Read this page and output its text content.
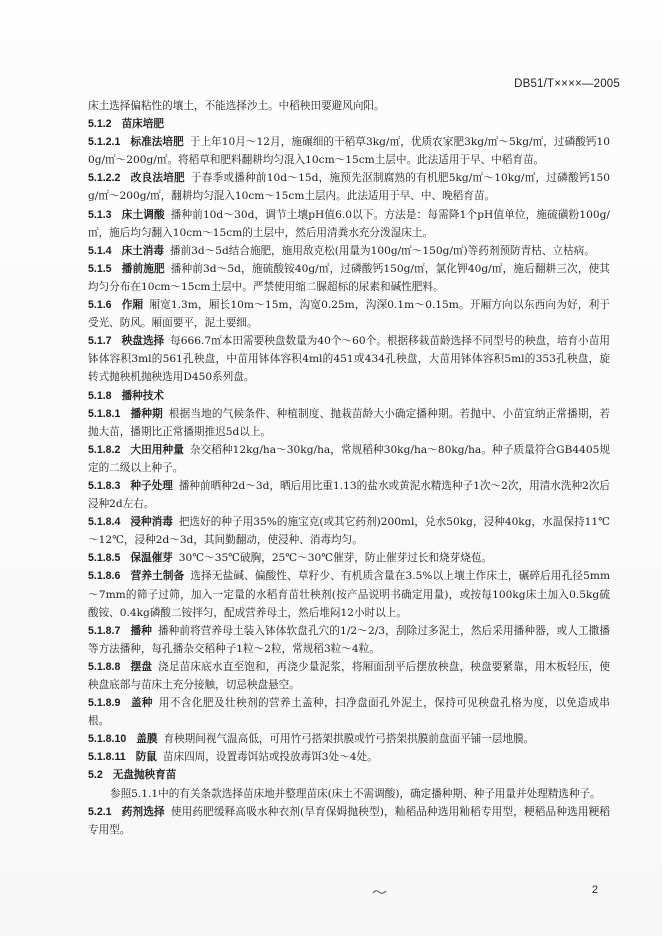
DB51/T××××—2005

床土选择偏粘性的壤土，不能选择沙土。中稻秧田要避风向阳。

5.1.2 苗床培肥

5.1.2.1 标准法培肥 于上年10月～12月，施碾细的干稻草3kg/㎡，优质农家肥3kg/㎡～5kg/㎡，过磷酸钙100g/㎡～200g/㎡。将稻草和肥料翻耕均匀混入10cm～15cm土层中。此法适用于早、中稻育苗。

5.1.2.2 改良法培肥 于春季或播种前10d～15d，施预先沤制腐熟的有机肥5kg/㎡～10kg/㎡，过磷酸钙150g/㎡～200g/㎡，翻耕均匀混入10cm～15cm土层内。此法适用于早、中、晚稻育苗。

5.1.3 床土调酸 播种前10d～30d，调节土壤pH值6.0以下。方法是：每需降1个pH值单位，施硫磺粉100g/㎡，施后均匀翻入10cm～15cm的土层中，然后用清粪水充分泼湿床土。

5.1.4 床土消毒 播前3d～5d结合施肥，施用敌克松(用量为100g/㎡～150g/㎡)等药剂预防青枯、立枯病。

5.1.5 播前施肥 播种前3d～5d，施硫酸铵40g/㎡，过磷酸钙150g/㎡，氯化钾40g/㎡，施后翻耕三次，使其均匀分布在10cm～15cm土层中。严禁使用缩二脲超标的尿素和碱性肥料。

5.1.6 作厢 厢宽1.3m，厢长10m～15m，沟宽0.25m，沟深0.1m～0.15m。开厢方向以东西向为好，利于受光、防风。厢面要平，泥土要细。

5.1.7 秧盘选择 每666.7㎡本田需要秧盘数量为40个～60个。根据移栽苗龄选择不同型号的秧盘，培育小苗用钵体容积3ml的561孔秧盘，中苗用钵体容积4ml的451或434孔秧盘，大苗用钵体容积5ml的353孔秧盘，旋转式抛秧机抛秧选用D450系列盘。

5.1.8 播种技术

5.1.8.1 播种期 根据当地的气候条件、种植制度、抛栽苗龄大小确定播种期。若抛中、小苗宜纳正常播期，若抛大苗，播期比正常播期推迟5d以上。

5.1.8.2 大田用种量 杂交稻种12kg/ha～30kg/ha，常规稻种30kg/ha～80kg/ha。种子质量符合GB4405规定的二级以上种子。

5.1.8.3 种子处理 播种前晒种2d～3d，晒后用比重1.13的盐水或黄泥水精选种子1次～2次，用清水洗种2次后浸种2d左右。

5.1.8.4 浸种消毒 把选好的种子用35%的施宝克(或其它药剂)200ml，兑水50kg，浸种40kg，水温保持11℃～12℃，浸种2d～3d，其间勤翻动，使浸种、消毒均匀。

5.1.8.5 保温催芽 30℃～35℃破胸，25℃～30℃催芽，防止催芽过长和烧芽烧苞。

5.1.8.6 营养土制备 选择无盐碱、偏酸性、草籽少、有机质含量在3.5%以上壤土作床土，碾碎后用孔径5mm～7mm的筛子过筛，加入一定量的水稻育苗壮秧剂(按产品说明书确定用量)，或按每100kg床土加入0.5kg硫酸铵、0.4kg磷酸二铵拌匀，配成营养母土，然后堆闷12小时以上。

5.1.8.7 播种 播种前将营养母土装入钵体软盘孔穴的1/2～2/3，刮除过多泥土，然后采用播种器，或人工撒播等方法播种，每孔播杂交稻种子1粒～2粒，常规稻3粒～4粒。

5.1.8.8 摆盘 浇足苗床底水直至饱和，再浇少量泥浆，将厢面刮平后摆放秧盘，秧盘要紧靠，用木板轻压，使秧盘底部与苗床土充分接触，切忌秧盘悬空。

5.1.8.9 盖种 用不含化肥及壮秧剂的营养土盖种，扫净盘面孔外泥土，保持可见秧盘孔格为度，以免造成串根。

5.1.8.10 盖膜 育秧期间视气温高低，可用竹弓搭架拱膜或竹弓搭架拱膜前盘面平铺一层地膜。

5.1.8.11 防鼠 苗床四周，设置毒饵站或投放毒饵3处～4处。

5.2 无盘抛秧育苗

参照5.1.1中的有关条款选择苗床地并整理苗床(床土不需调酸)，确定播种期、种子用量并处理精选种子。

5.2.1 药剂选择 使用药肥缓释高吸水种衣剂(旱育保姆抛秧型)，籼稻品种选用籼稻专用型，粳稻品种选用粳稻专用型。

2
